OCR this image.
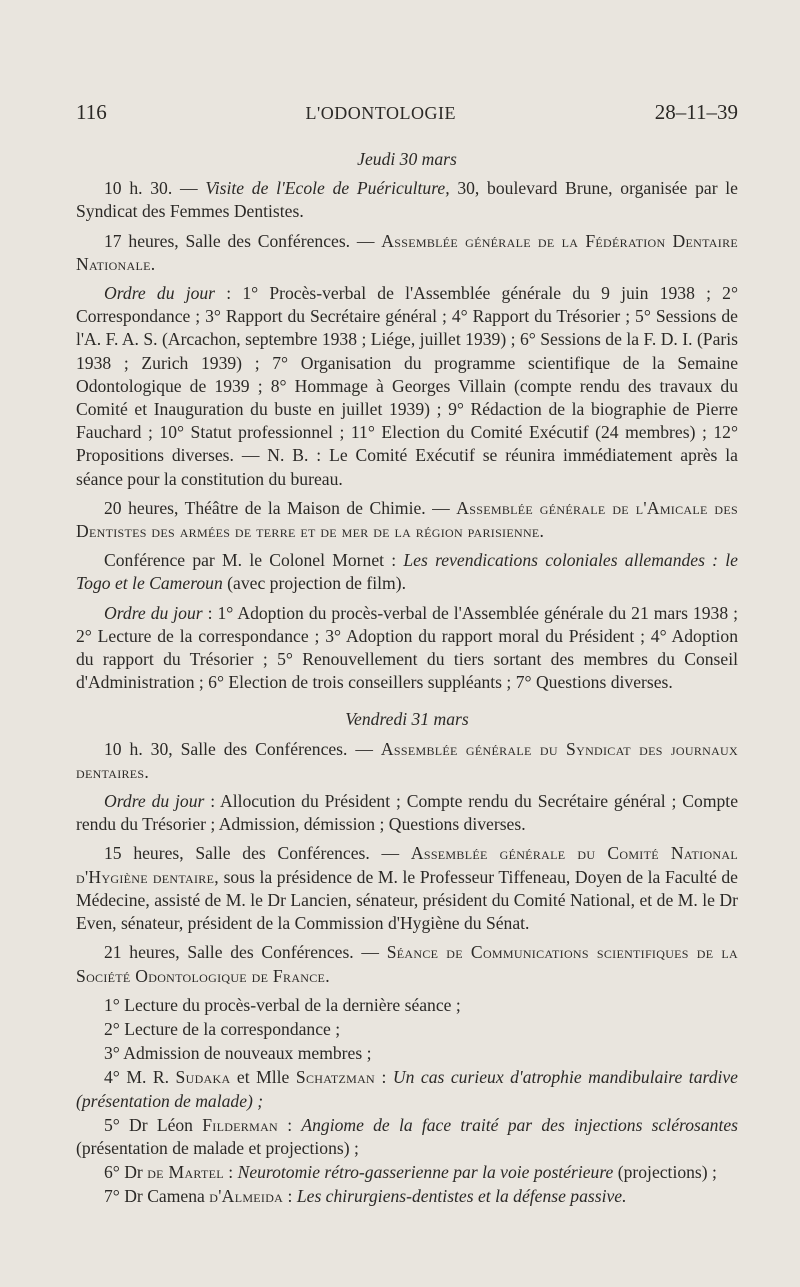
116	L'ODONTOLOGIE	28–11–39

Jeudi 30 mars

10 h. 30. — Visite de l'Ecole de Puériculture, 30, boulevard Brune, organisée par le Syndicat des Femmes Dentistes.

17 heures, Salle des Conférences. — Assemblée générale de la Fédération Dentaire Nationale.

Ordre du jour : 1° Procès-verbal de l'Assemblée générale du 9 juin 1938 ; 2° Correspondance ; 3° Rapport du Secrétaire général ; 4° Rapport du Trésorier ; 5° Sessions de l'A. F. A. S. (Arcachon, septembre 1938 ; Liége, juillet 1939) ; 6° Sessions de la F. D. I. (Paris 1938 ; Zurich 1939) ; 7° Organisation du programme scientifique de la Semaine Odontologique de 1939 ; 8° Hommage à Georges Villain (compte rendu des travaux du Comité et Inauguration du buste en juillet 1939) ; 9° Rédaction de la biographie de Pierre Fauchard ; 10° Statut professionnel ; 11° Election du Comité Exécutif (24 membres) ; 12° Propositions diverses. — N. B. : Le Comité Exécutif se réunira immédiatement après la séance pour la constitution du bureau.

20 heures, Théâtre de la Maison de Chimie. — Assemblée générale de l'Amicale des Dentistes des armées de terre et de mer de la région parisienne.

Conférence par M. le Colonel Mornet : Les revendications coloniales allemandes : le Togo et le Cameroun (avec projection de film).

Ordre du jour : 1° Adoption du procès-verbal de l'Assemblée générale du 21 mars 1938 ; 2° Lecture de la correspondance ; 3° Adoption du rapport moral du Président ; 4° Adoption du rapport du Trésorier ; 5° Renouvellement du tiers sortant des membres du Conseil d'Administration ; 6° Election de trois conseillers suppléants ; 7° Questions diverses.

Vendredi 31 mars

10 h. 30, Salle des Conférences. — Assemblée générale du Syndicat des journaux dentaires.

Ordre du jour : Allocution du Président ; Compte rendu du Secrétaire général ; Compte rendu du Trésorier ; Admission, démission ; Questions diverses.

15 heures, Salle des Conférences. — Assemblée générale du Comité National d'Hygiène dentaire, sous la présidence de M. le Professeur Tiffeneau, Doyen de la Faculté de Médecine, assisté de M. le Dr Lancien, sénateur, président du Comité National, et de M. le Dr Even, sénateur, président de la Commission d'Hygiène du Sénat.

21 heures, Salle des Conférences. — Séance de Communications scientifiques de la Société Odontologique de France.

1° Lecture du procès-verbal de la dernière séance ;

2° Lecture de la correspondance ;

3° Admission de nouveaux membres ;

4° M. R. Sudaka et Mlle Schatzman : Un cas curieux d'atrophie mandibulaire tardive (présentation de malade) ;

5° Dr Léon Filderman : Angiome de la face traité par des injections sclérosantes (présentation de malade et projections) ;

6° Dr de Martel : Neurotomie rétro-gasserienne par la voie postérieure (projections) ;

7° Dr Camena d'Almeida : Les chirurgiens-dentistes et la défense passive.
